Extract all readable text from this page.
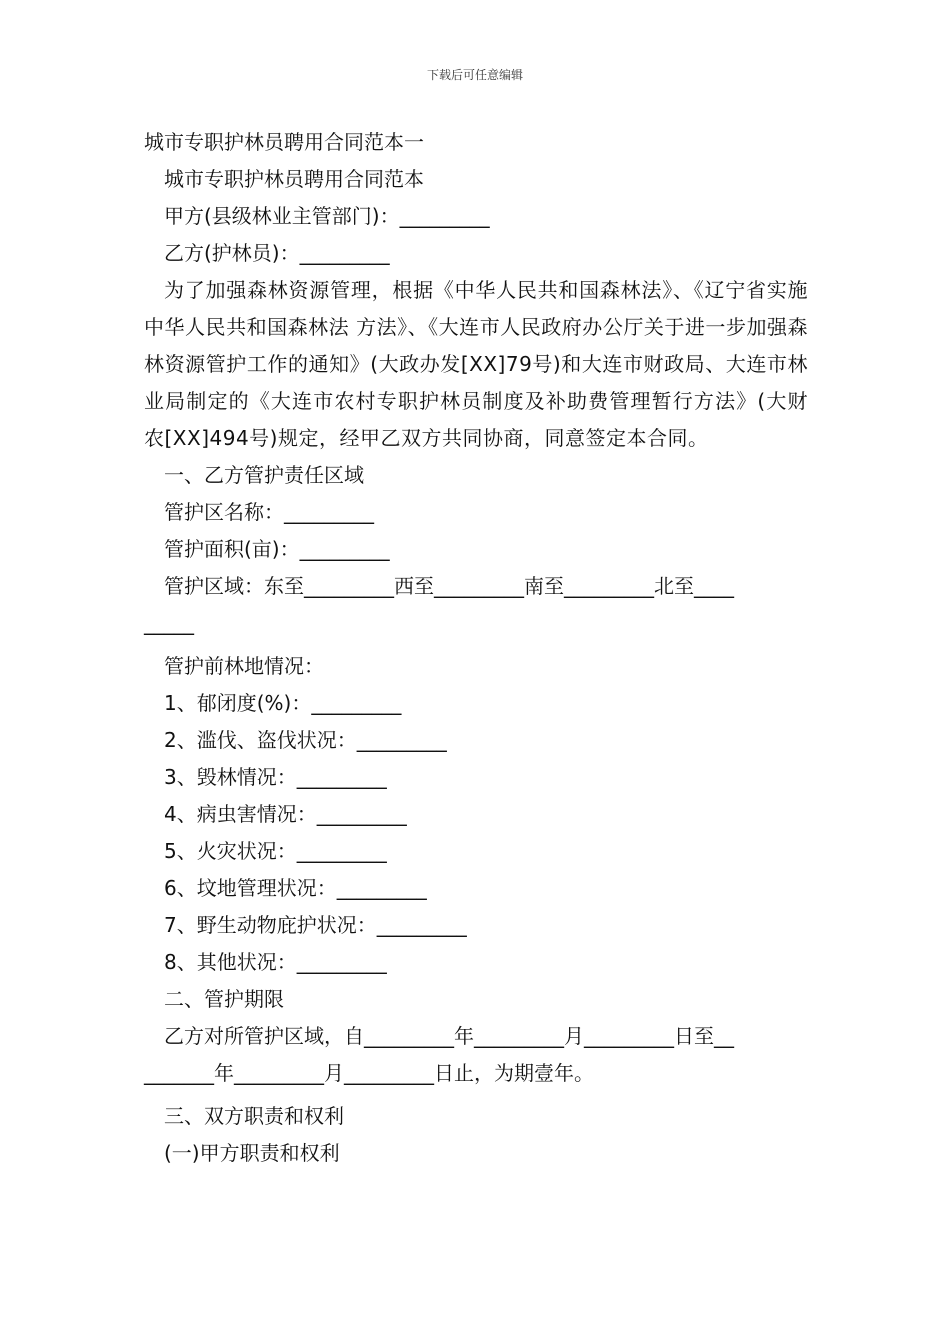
下载后可任意编辑
城市专职护林员聘用合同范本一
城市专职护林员聘用合同范本
甲方(县级林业主管部门)：_________
乙方(护林员)：_________
为了加强森林资源管理，根据《中华人民共和国森林法》、《辽宁省实施 中华人民共和国森林法 方法》、《大连市人民政府办公厅关于进一步加强森林资源管护工作的通知》(大政办发[XX]79号)和大连市财政局、大连市林业局制定的《大连市农村专职护林员制度及补助费管理暂行方法》(大财农[XX]494号)规定，经甲乙双方共同协商，同意签定本合同。
一、乙方管护责任区域
管护区名称：_________
管护面积(亩)：_________
管护区域：东至_________西至_________南至_________北至____
_____
管护前林地情况：
1、郁闭度(%)：_________
2、滥伐、盗伐状况：_________
3、毁林情况：_________
4、病虫害情况：_________
5、火灾状况：_________
6、坟地管理状况：_________
7、野生动物庇护状况：_________
8、其他状况：_________
二、管护期限
乙方对所管护区域，自_________年_________月_________日至__
_______年_________月_________日止，为期壹年。
三、双方职责和权利
(一)甲方职责和权利
